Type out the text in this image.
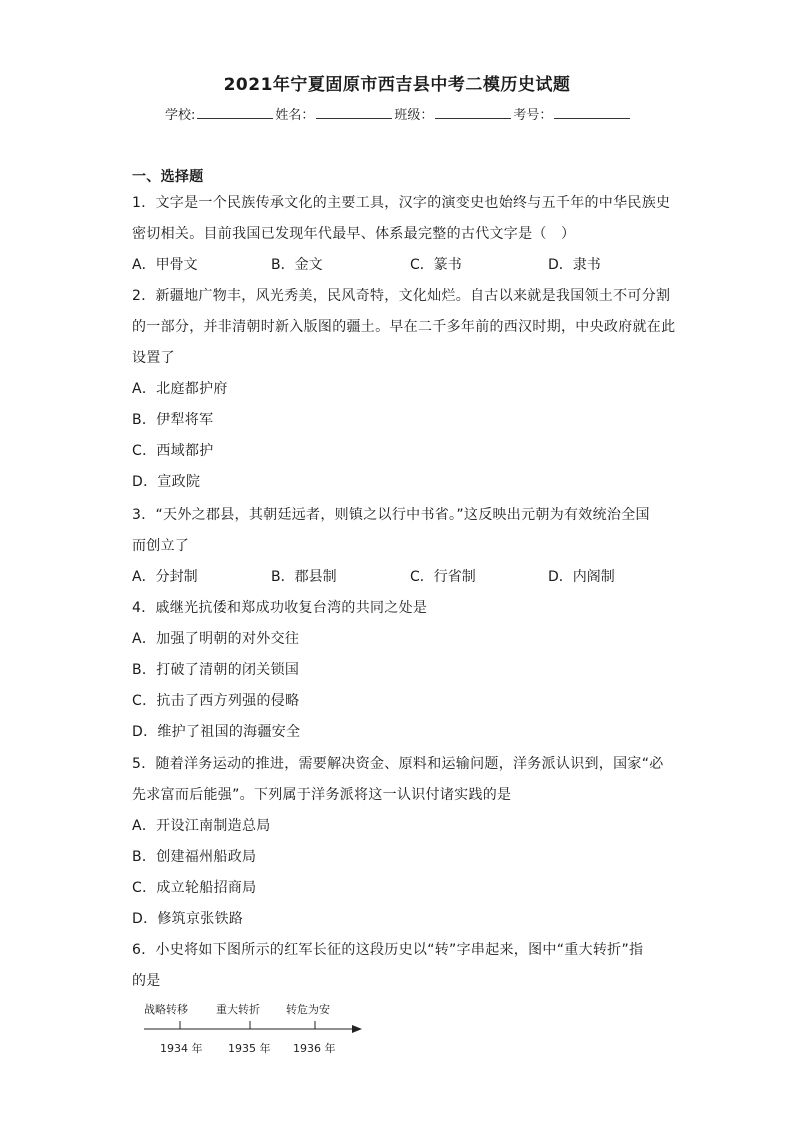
2021年宁夏固原市西吉县中考二模历史试题
学校:	姓名：	班级：	考号：
一、选择题
1．文字是一个民族传承文化的主要工具，汉字的演变史也始终与五千年的中华民族史
密切相关。目前我国已发现年代最早、体系最完整的古代文字是（　）
A．甲骨文	B．金文	C．篆书	D．隶书
2．新疆地广物丰，风光秀美，民风奇特，文化灿烂。自古以来就是我国领土不可分割
的一部分，并非清朝时新入版图的疆土。早在二千多年前的西汉时期，中央政府就在此
设置了
A．北庭都护府
B．伊犁将军
C．西域都护
D．宣政院
3．“天外之郡县，其朝廷远者，则镇之以行中书省。”这反映出元朝为有效统治全国
而创立了
A．分封制	B．郡县制	C．行省制	D．内阁制
4．戚继光抗倭和郑成功收复台湾的共同之处是
A．加强了明朝的对外交往
B．打破了清朝的闭关锁国
C．抗击了西方列强的侵略
D．维护了祖国的海疆安全
5．随着洋务运动的推进，需要解决资金、原料和运输问题，洋务派认识到，国家“必
先求富而后能强”。下列属于洋务派将这一认识付诸实践的是
A．开设江南制造总局
B．创建福州船政局
C．成立轮船招商局
D．修筑京张铁路
6．小史将如下图所示的红军长征的这段历史以“转”字串起来，图中“重大转折”指
的是
战略转移	重大转折 转危为安
1934 年 1935 年 1936 年
